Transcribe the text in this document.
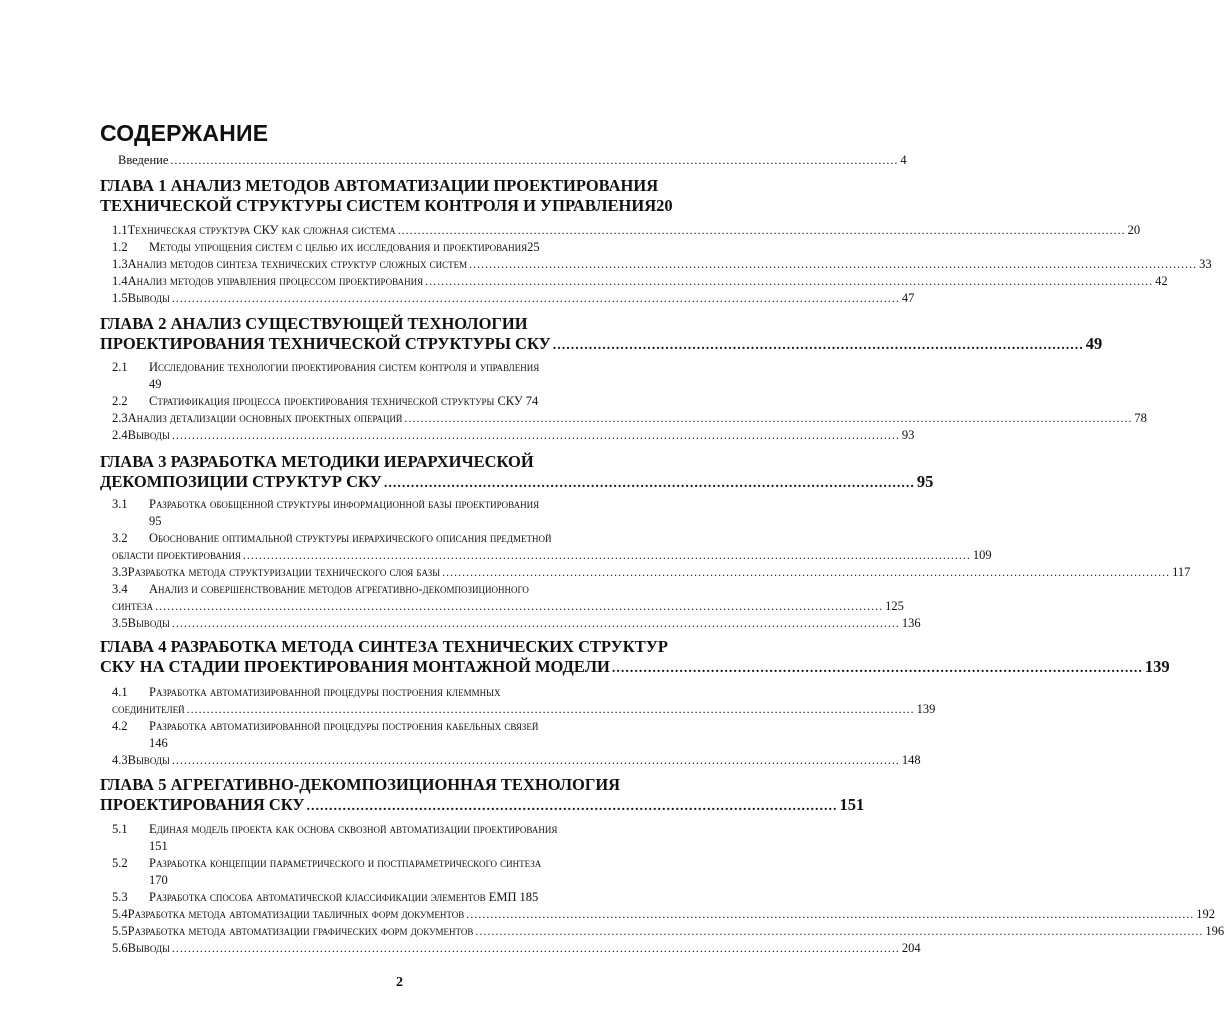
СОДЕРЖАНИЕ
Введение ...................................................................................................................................................................................... 4
ГЛАВА 1 АНАЛИЗ МЕТОДОВ АВТОМАТИЗАЦИИ ПРОЕКТИРОВАНИЯ
ТЕХНИЧЕСКОЙ СТРУКТУРЫ СИСТЕМ КОНТРОЛЯ И УПРАВЛЕНИЯ 20
1.1 Техническая структура СКУ как сложная система ...................................................................................................................................................................................... 20
1.2	Методы упрощения систем с целью их исследования и проектирования 25
1.3 Анализ методов синтеза технических структур сложных систем ...................................................................................................................................................................................... 33
1.4 Анализ методов управления процессом проектирования ...................................................................................................................................................................................... 42
1.5 Выводы ...................................................................................................................................................................................... 47
ГЛАВА 2 АНАЛИЗ СУЩЕСТВУЮЩЕЙ ТЕХНОЛОГИИ
ПРОЕКТИРОВАНИЯ ТЕХНИЧЕСКОЙ СТРУКТУРЫ СКУ ...................................................................................................................... 49
2.1 Исследование технологии проектирования систем контроля и управления
49
2.2	Стратификация процесса проектирования технической структуры СКУ 74
2.3 Анализ детализации основных проектных операций ...................................................................................................................................................................................... 78
2.4 Выводы ...................................................................................................................................................................................... 93
ГЛАВА 3 РАЗРАБОТКА МЕТОДИКИ ИЕРАРХИЧЕСКОЙ
ДЕКОМПОЗИЦИИ СТРУКТУР СКУ ...................................................................................................................... 95
3.1 Разработка обобщенной структуры информационной базы проектирования
95
3.2 Обоснование оптимальной структуры иерархического описания предметной
области проектирования ...................................................................................................................................................................................... 109
3.3 Разработка метода структуризации технического слоя базы ...................................................................................................................................................................................... 117
3.4 Анализ и совершенствование методов агрегативно-декомпозиционного
синтеза ...................................................................................................................................................................................... 125
3.5 Выводы ...................................................................................................................................................................................... 136
ГЛАВА 4 РАЗРАБОТКА МЕТОДА СИНТЕЗА ТЕХНИЧЕСКИХ СТРУКТУР
СКУ НА СТАДИИ ПРОЕКТИРОВАНИЯ МОНТАЖНОЙ МОДЕЛИ ...................................................................................................................... 139
4.1 Разработка автоматизированной процедуры построения клеммных
соединителей ...................................................................................................................................................................................... 139
4.2 Разработка автоматизированной процедуры построения кабельных связей
146
4.3 Выводы ...................................................................................................................................................................................... 148
ГЛАВА 5 АГРЕГАТИВНО-ДЕКОМПОЗИЦИОННАЯ ТЕХНОЛОГИЯ
ПРОЕКТИРОВАНИЯ СКУ ...................................................................................................................... 151
5.1 Единая модель проекта как основа сквозной автоматизации проектирования
151
5.2 Разработка концепции параметрического и постпараметрического синтеза
170
5.3	Разработка способа автоматической классификации элементов ЕМП 185
5.4 Разработка метода автоматизации табличных форм документов ...................................................................................................................................................................................... 192
5.5 Разработка метода автоматизации графических форм документов ...................................................................................................................................................................................... 196
5.6 Выводы ...................................................................................................................................................................................... 204
2
